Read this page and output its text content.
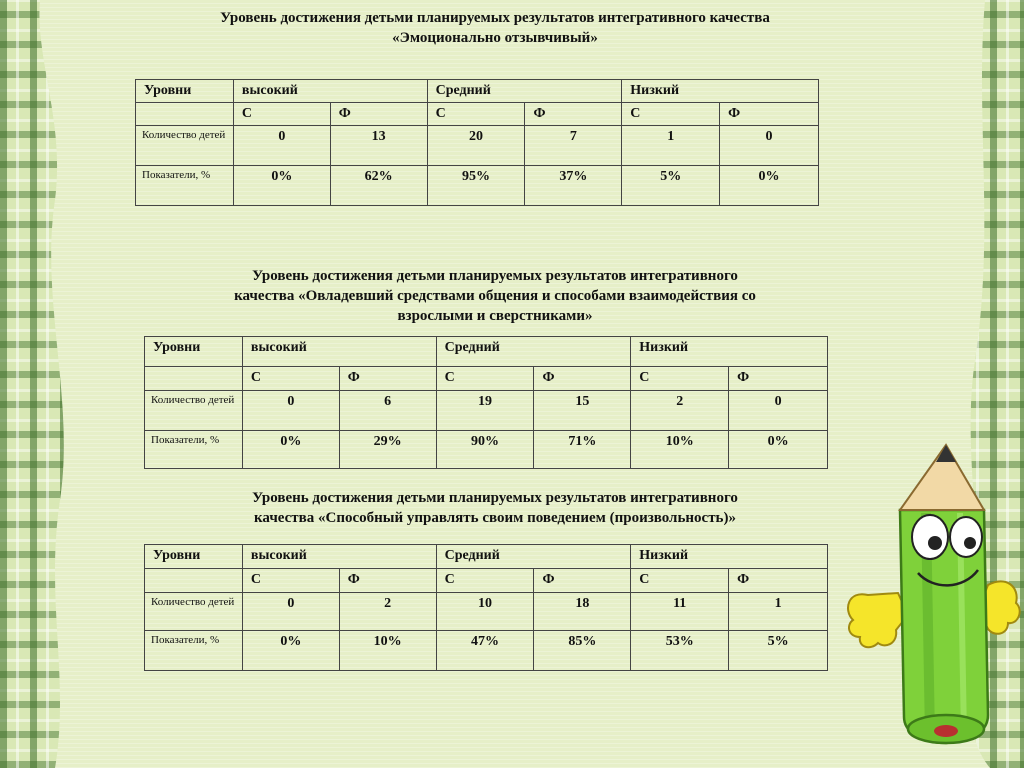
Уровень достижения детьми планируемых результатов интегративного качества
«Эмоционально отзывчивый»
Уровни	высокий		Средний		Низкий	
	С	Ф	С	Ф	С	Ф
Количество детей	0	13	20	7	1	0
Показатели, %	0%	62%	95%	37%	5%	0%
Уровень достижения детьми планируемых результатов интегративного
качества «Овладевший средствами общения и способами взаимодействия со
взрослыми и сверстниками»
Уровни	высокий		Средний		Низкий	
	С	Ф	С	Ф	С	Ф
Количество детей	0	6	19	15	2	0
Показатели, %	0%	29%	90%	71%	10%	0%
Уровень достижения детьми планируемых результатов интегративного
качества «Способный управлять своим поведением (произвольность)»
Уровни	высокий		Средний		Низкий	
	С	Ф	С	Ф	С	Ф
Количество детей	0	2	10	18	11	1
Показатели, %	0%	10%	47%	85%	53%	5%
